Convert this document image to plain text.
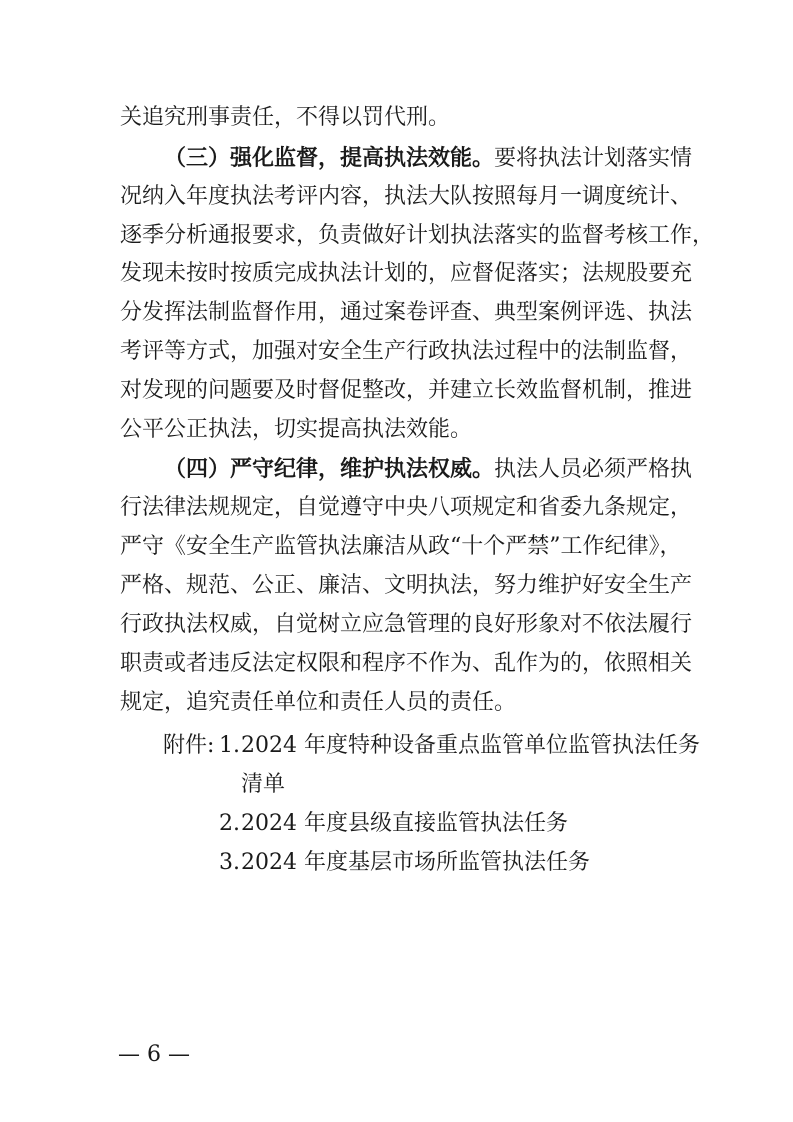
关追究刑事责任，不得以罚代刑。

（三）强化监督，提高执法效能。要将执法计划落实情

况纳入年度执法考评内容，执法大队按照每月一调度统计、

逐季分析通报要求，负责做好计划执法落实的监督考核工作，

发现未按时按质完成执法计划的，应督促落实；法规股要充

分发挥法制监督作用，通过案卷评查、典型案例评选、执法

考评等方式，加强对安全生产行政执法过程中的法制监督，

对发现的问题要及时督促整改，并建立长效监督机制，推进

公平公正执法，切实提高执法效能。

（四）严守纪律，维护执法权威。执法人员必须严格执

行法律法规规定，自觉遵守中央八项规定和省委九条规定，

严守《安全生产监管执法廉洁从政“十个严禁”工作纪律》，

严格、规范、公正、廉洁、文明执法，努力维护好安全生产

行政执法权威，自觉树立应急管理的良好形象对不依法履行

职责或者违反法定权限和程序不作为、乱作为的，依照相关

规定，追究责任单位和责任人员的责任。

附件: 1. 2024 年度特种设备重点监管单位监管执法任务

清单

2. 2024 年度县级直接监管执法任务

3. 2024 年度基层市场所监管执法任务

— 6 —
